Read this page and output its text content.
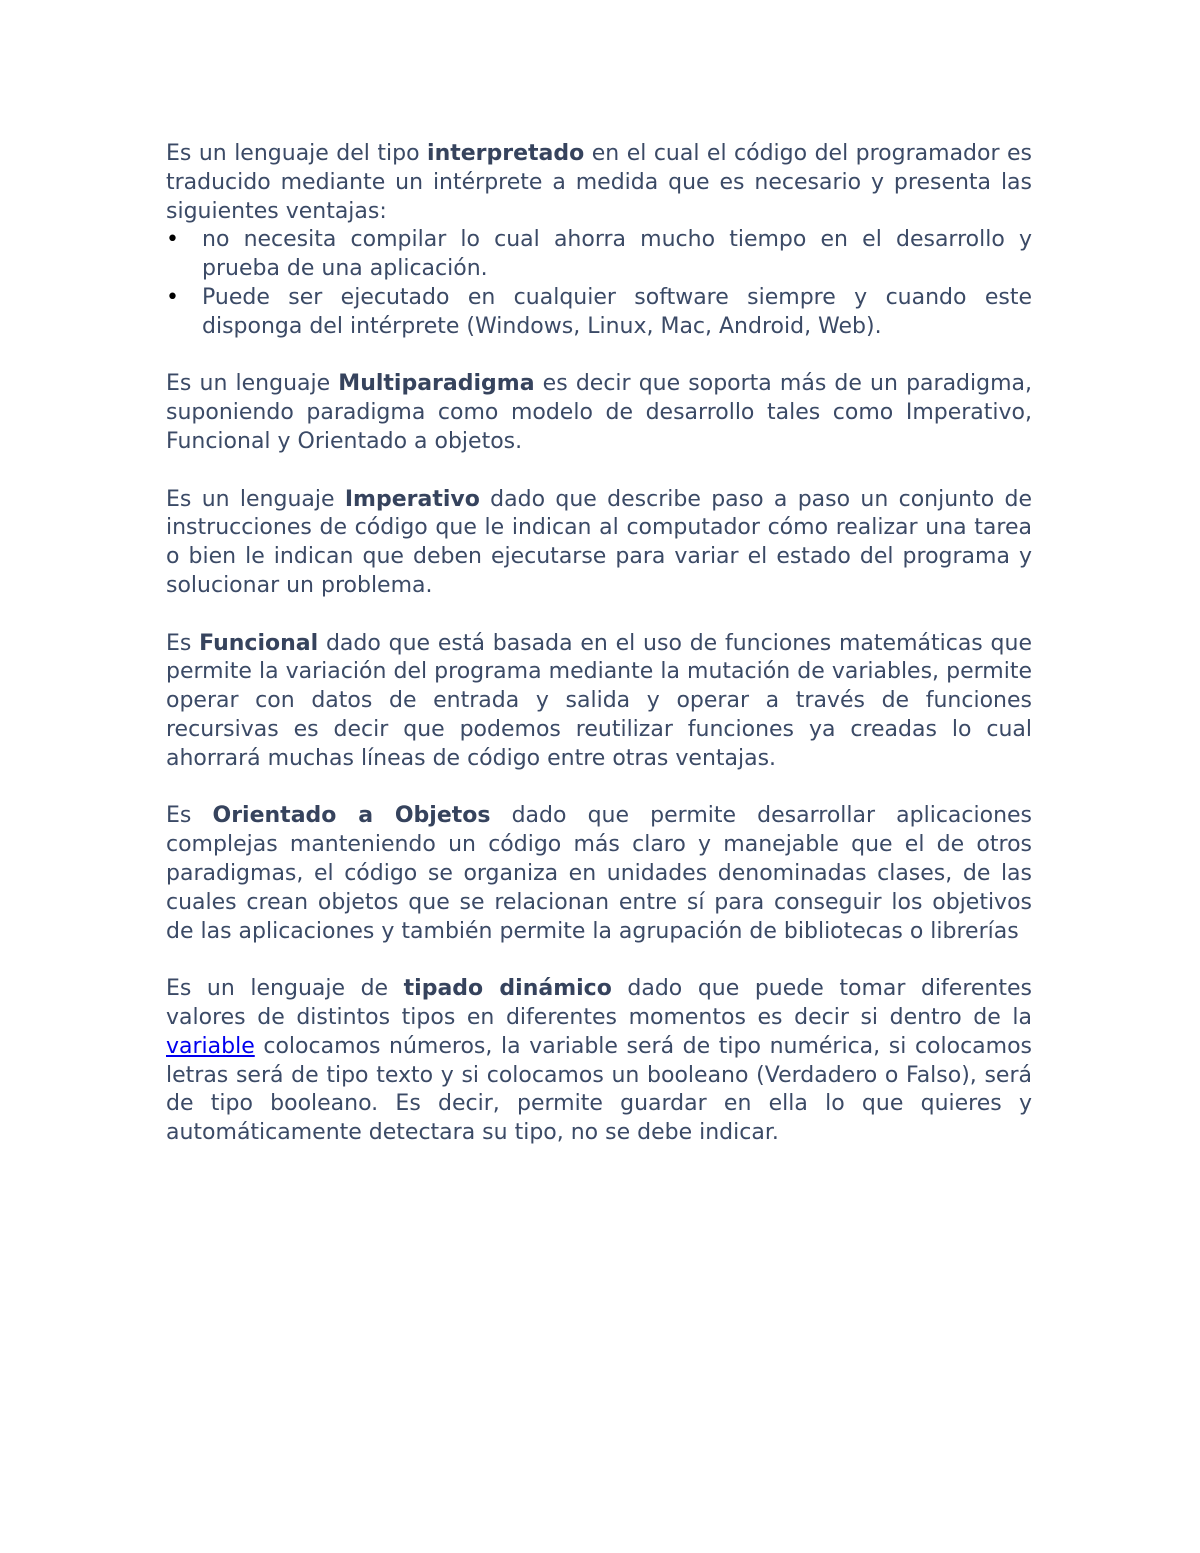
Es un lenguaje del tipo interpretado en el cual el código del programador es traducido mediante un intérprete a medida que es necesario y presenta las siguientes ventajas:

• no necesita compilar lo cual ahorra mucho tiempo en el desarrollo y prueba de una aplicación.
• Puede ser ejecutado en cualquier software siempre y cuando este disponga del intérprete (Windows, Linux, Mac, Android, Web).

Es un lenguaje Multiparadigma es decir que soporta más de un paradigma, suponiendo paradigma como modelo de desarrollo tales como Imperativo, Funcional y Orientado a objetos.

Es un lenguaje Imperativo dado que describe paso a paso un conjunto de instrucciones de código que le indican al computador cómo realizar una tarea o bien le indican que deben ejecutarse para variar el estado del programa y solucionar un problema.

Es Funcional dado que está basada en el uso de funciones matemáticas que permite la variación del programa mediante la mutación de variables, permite operar con datos de entrada y salida y operar a través de funciones recursivas es decir que podemos reutilizar funciones ya creadas lo cual ahorrará muchas líneas de código entre otras ventajas.

Es Orientado a Objetos dado que permite desarrollar aplicaciones complejas manteniendo un código más claro y manejable que el de otros paradigmas, el código se organiza en unidades denominadas clases, de las cuales crean objetos que se relacionan entre sí para conseguir los objetivos de las aplicaciones y también permite la agrupación de bibliotecas o librerías

Es un lenguaje de tipado dinámico dado que puede tomar diferentes valores de distintos tipos en diferentes momentos es decir si dentro de la variable colocamos números, la variable será de tipo numérica, si colocamos letras será de tipo texto y si colocamos un booleano (Verdadero o Falso), será de tipo booleano. Es decir, permite guardar en ella lo que quieres y automáticamente detectara su tipo, no se debe indicar.
